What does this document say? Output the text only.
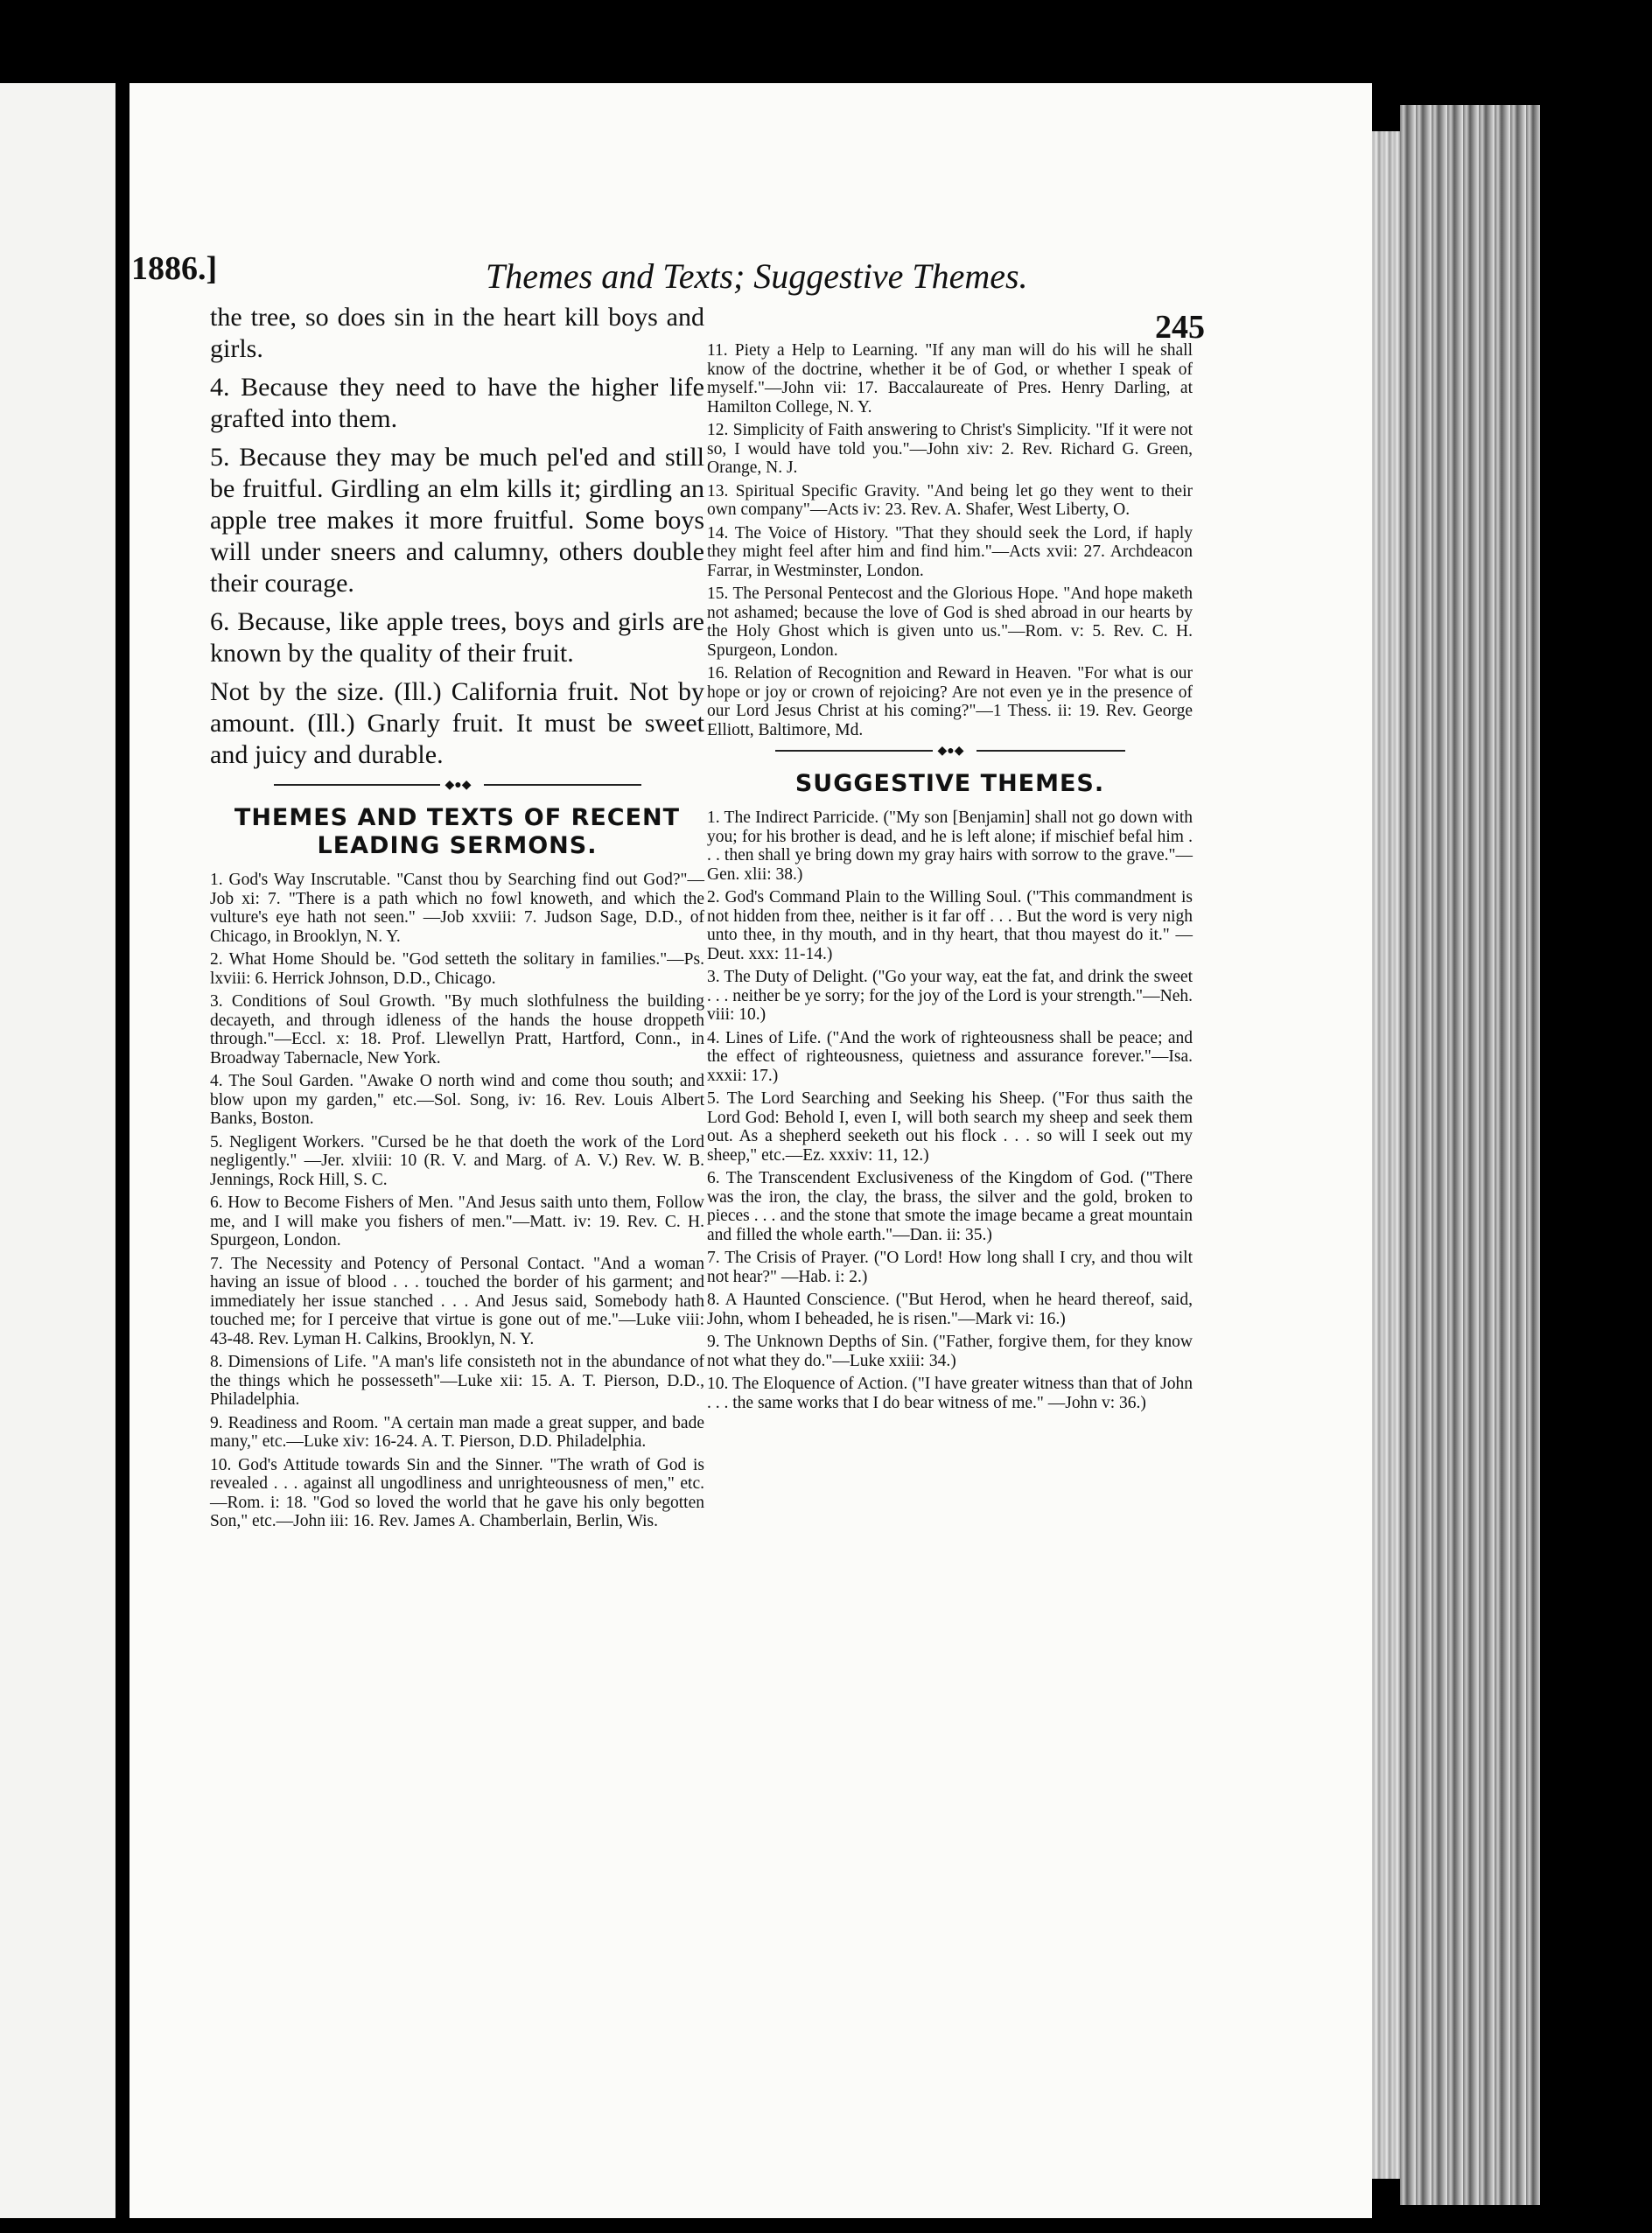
1886.]	Themes and Texts; Suggestive Themes.
245

the tree, so does sin in the heart kill boys and girls.

4. Because they need to have the higher life grafted into them.

5. Because they may be much pel'ed and still be fruitful. Girdling an elm kills it; girdling an apple tree makes it more fruitful. Some boys will under sneers and calumny, others double their courage.

6. Because, like apple trees, boys and girls are known by the quality of their fruit.

Not by the size. (Ill.) California fruit. Not by amount. (Ill.) Gnarly fruit. It must be sweet and juicy and durable.

◆●◆
THEMES AND TEXTS OF RECENT LEADING SERMONS.

1. God's Way Inscrutable. "Canst thou by Searching find out God?"—Job xi: 7. "There is a path which no fowl knoweth, and which the vulture's eye hath not seen." —Job xxviii: 7. Judson Sage, D.D., of Chicago, in Brooklyn, N. Y.

2. What Home Should be. "God setteth the solitary in families."—Ps. lxviii: 6. Herrick Johnson, D.D., Chicago.

3. Conditions of Soul Growth. "By much slothfulness the building decayeth, and through idleness of the hands the house droppeth through."—Eccl. x: 18. Prof. Llewellyn Pratt, Hartford, Conn., in Broadway Tabernacle, New York.

4. The Soul Garden. "Awake O north wind and come thou south; and blow upon my garden," etc.—Sol. Song, iv: 16. Rev. Louis Albert Banks, Boston.

5. Negligent Workers. "Cursed be he that doeth the work of the Lord negligently." —Jer. xlviii: 10 (R. V. and Marg. of A. V.) Rev. W. B. Jennings, Rock Hill, S. C.

6. How to Become Fishers of Men. "And Jesus saith unto them, Follow me, and I will make you fishers of men."—Matt. iv: 19. Rev. C. H. Spurgeon, London.

7. The Necessity and Potency of Personal Contact. "And a woman having an issue of blood . . . touched the border of his garment; and immediately her issue stanched . . . And Jesus said, Somebody hath touched me; for I perceive that virtue is gone out of me."—Luke viii: 43-48. Rev. Lyman H. Calkins, Brooklyn, N. Y.

8. Dimensions of Life. "A man's life consisteth not in the abundance of the things which he possesseth"—Luke xii: 15. A. T. Pierson, D.D., Philadelphia.

9. Readiness and Room. "A certain man made a great supper, and bade many," etc.—Luke xiv: 16-24. A. T. Pierson, D.D. Philadelphia.

10. God's Attitude towards Sin and the Sinner. "The wrath of God is revealed . . . against all ungodliness and unrighteousness of men," etc.—Rom. i: 18. "God so loved the world that he gave his only begotten Son," etc.—John iii: 16. Rev. James A. Chamberlain, Berlin, Wis.

11. Piety a Help to Learning. "If any man will do his will he shall know of the doctrine, whether it be of God, or whether I speak of myself."—John vii: 17. Baccalaureate of Pres. Henry Darling, at Hamilton College, N. Y.

12. Simplicity of Faith answering to Christ's Simplicity. "If it were not so, I would have told you."—John xiv: 2. Rev. Richard G. Green, Orange, N. J.

13. Spiritual Specific Gravity. "And being let go they went to their own company"—Acts iv: 23. Rev. A. Shafer, West Liberty, O.

14. The Voice of History. "That they should seek the Lord, if haply they might feel after him and find him."—Acts xvii: 27. Archdeacon Farrar, in Westminster, London.

15. The Personal Pentecost and the Glorious Hope. "And hope maketh not ashamed; because the love of God is shed abroad in our hearts by the Holy Ghost which is given unto us."—Rom. v: 5. Rev. C. H. Spurgeon, London.

16. Relation of Recognition and Reward in Heaven. "For what is our hope or joy or crown of rejoicing? Are not even ye in the presence of our Lord Jesus Christ at his coming?"—1 Thess. ii: 19. Rev. George Elliott, Baltimore, Md.

◆●◆
SUGGESTIVE THEMES.

1. The Indirect Parricide. ("My son [Benjamin] shall not go down with you; for his brother is dead, and he is left alone; if mischief befal him . . . then shall ye bring down my gray hairs with sorrow to the grave."—Gen. xlii: 38.)

2. God's Command Plain to the Willing Soul. ("This commandment is not hidden from thee, neither is it far off . . . But the word is very nigh unto thee, in thy mouth, and in thy heart, that thou mayest do it." —Deut. xxx: 11-14.)

3. The Duty of Delight. ("Go your way, eat the fat, and drink the sweet . . . neither be ye sorry; for the joy of the Lord is your strength."—Neh. viii: 10.)

4. Lines of Life. ("And the work of righteousness shall be peace; and the effect of righteousness, quietness and assurance forever."—Isa. xxxii: 17.)

5. The Lord Searching and Seeking his Sheep. ("For thus saith the Lord God: Behold I, even I, will both search my sheep and seek them out. As a shepherd seeketh out his flock . . . so will I seek out my sheep," etc.—Ez. xxxiv: 11, 12.)

6. The Transcendent Exclusiveness of the Kingdom of God. ("There was the iron, the clay, the brass, the silver and the gold, broken to pieces . . . and the stone that smote the image became a great mountain and filled the whole earth."—Dan. ii: 35.)

7. The Crisis of Prayer. ("O Lord! How long shall I cry, and thou wilt not hear?" —Hab. i: 2.)

8. A Haunted Conscience. ("But Herod, when he heard thereof, said, John, whom I beheaded, he is risen."—Mark vi: 16.)

9. The Unknown Depths of Sin. ("Father, forgive them, for they know not what they do."—Luke xxiii: 34.)

10. The Eloquence of Action. ("I have greater witness than that of John . . . the same works that I do bear witness of me." —John v: 36.)
